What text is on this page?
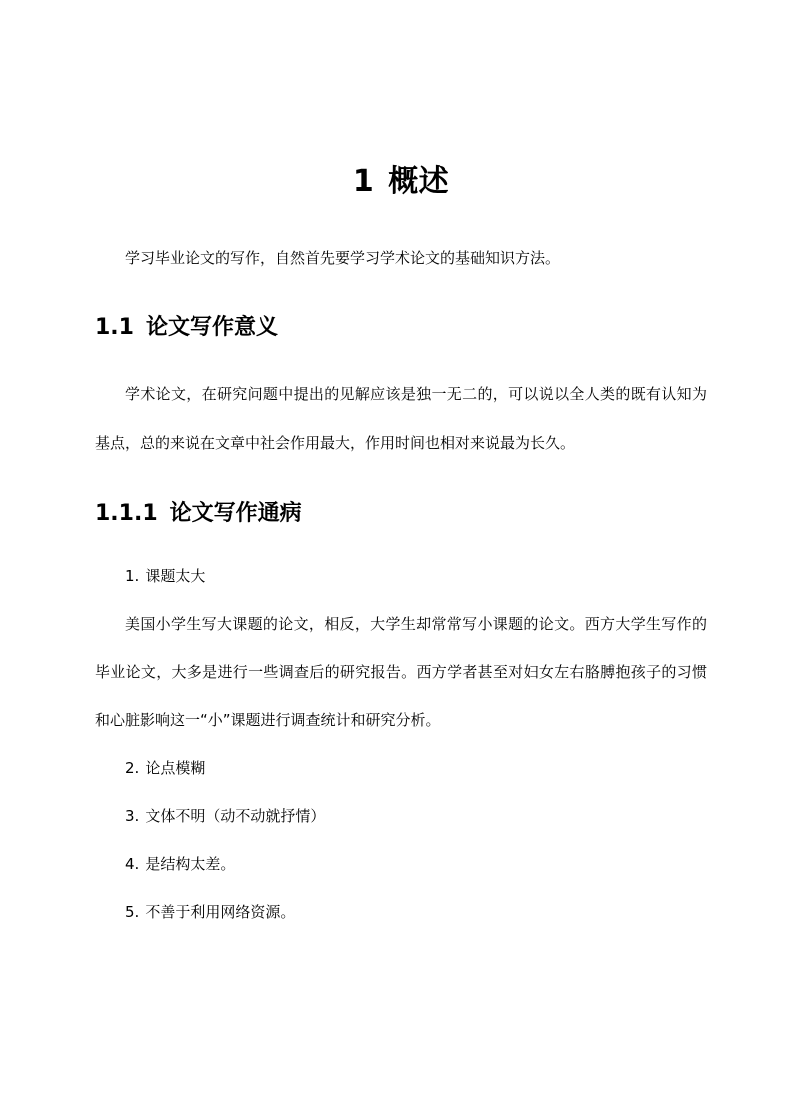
1 概述

学习毕业论文的写作，自然首先要学习学术论文的基础知识方法。

1.1 论文写作意义

学术论文，在研究问题中提出的见解应该是独一无二的，可以说以全人类的既有认知为基点，总的来说在文章中社会作用最大，作用时间也相对来说最为长久。

1.1.1 论文写作通病

1. 课题太大

美国小学生写大课题的论文，相反，大学生却常常写小课题的论文。西方大学生写作的毕业论文，大多是进行一些调查后的研究报告。西方学者甚至对妇女左右胳膊抱孩子的习惯和心脏影响这一“小”课题进行调查统计和研究分析。

2. 论点模糊

3. 文体不明（动不动就抒情）

4. 是结构太差。

5. 不善于利用网络资源。
